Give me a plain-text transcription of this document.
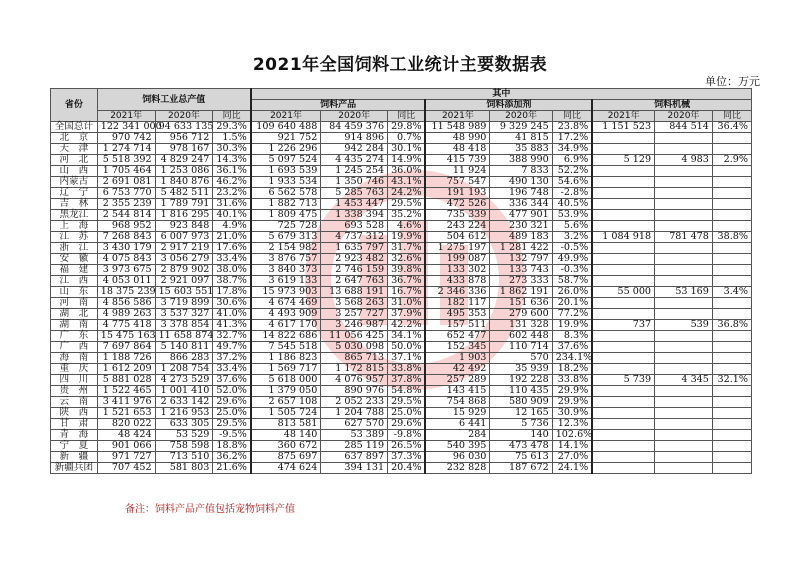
2021年全国饲料工业统计主要数据表
单位：万元
省份	饲料工业总产值			其中								
				饲料产品			饲料添加剂			饲料机械		
	2021年	2020年	同比	2021年	2020年	同比	2021年	2020年	同比	2021年	2020年	同比
全国总计	122 341 000	94 633 135	29.3%	109 640 488	84 459 376	29.8%	11 548 989	9 329 245	23.8%	1 151 523	844 514	36.4%
北　京	970 742	956 712	1.5%	921 752	914 896	0.7%	48 990	41 815	17.2%			
天　津	1 274 714	978 167	30.3%	1 226 296	942 284	30.1%	48 418	35 883	34.9%			
河　北	5 518 392	4 829 247	14.3%	5 097 524	4 435 274	14.9%	415 739	388 990	6.9%	5 129	4 983	2.9%
山　西	1 705 464	1 253 086	36.1%	1 693 539	1 245 254	36.0%	11 924	7 833	52.2%			
内蒙古	2 691 081	1 840 876	46.2%	1 933 534	1 350 746	43.1%	757 547	490 130	54.6%			
辽　宁	6 753 770	5 482 511	23.2%	6 562 578	5 285 763	24.2%	191 193	196 748	-2.8%			
吉　林	2 355 239	1 789 791	31.6%	1 882 713	1 453 447	29.5%	472 526	336 344	40.5%			
黑龙江	2 544 814	1 816 295	40.1%	1 809 475	1 338 394	35.2%	735 339	477 901	53.9%			
上　海	968 952	923 848	4.9%	725 728	693 528	4.6%	243 224	230 321	5.6%			
江　苏	7 268 843	6 007 973	21.0%	5 679 313	4 737 312	19.9%	504 612	489 183	3.2%	1 084 918	781 478	38.8%
浙　江	3 430 179	2 917 219	17.6%	2 154 982	1 635 797	31.7%	1 275 197	1 281 422	-0.5%			
安　徽	4 075 843	3 056 279	33.4%	3 876 757	2 923 482	32.6%	199 087	132 797	49.9%			
福　建	3 973 675	2 879 902	38.0%	3 840 373	2 746 159	39.8%	133 302	133 743	-0.3%			
江　西	4 053 011	2 921 097	38.7%	3 619 133	2 647 763	36.7%	433 878	273 333	58.7%			
山　东	18 375 239	15 603 551	17.8%	15 973 903	13 688 191	16.7%	2 346 336	1 862 191	26.0%	55 000	53 169	3.4%
河　南	4 856 586	3 719 899	30.6%	4 674 469	3 568 263	31.0%	182 117	151 636	20.1%			
湖　北	4 989 263	3 537 327	41.0%	4 493 909	3 257 727	37.9%	495 353	279 600	77.2%			
湖　南	4 775 418	3 378 854	41.3%	4 617 170	3 246 987	42.2%	157 511	131 328	19.9%	737	539	36.8%
广　东	15 475 163	11 658 874	32.7%	14 822 686	11 056 425	34.1%	652 477	602 448	8.3%			
广　西	7 697 864	5 140 811	49.7%	7 545 518	5 030 098	50.0%	152 345	110 714	37.6%			
海　南	1 188 726	866 283	37.2%	1 186 823	865 713	37.1%	1 903	570	234.1%			
重　庆	1 612 209	1 208 754	33.4%	1 569 717	1 172 815	33.8%	42 492	35 939	18.2%			
四　川	5 881 028	4 273 529	37.6%	5 618 000	4 076 957	37.8%	257 289	192 228	33.8%	5 739	4 345	32.1%
贵　州	1 522 465	1 001 410	52.0%	1 379 050	890 976	54.8%	143 415	110 435	29.9%			
云　南	3 411 976	2 633 142	29.6%	2 657 108	2 052 233	29.5%	754 868	580 909	29.9%			
陕　西	1 521 653	1 216 953	25.0%	1 505 724	1 204 788	25.0%	15 929	12 165	30.9%			
甘　肃	820 022	633 305	29.5%	813 581	627 570	29.6%	6 441	5 736	12.3%			
青　海	48 424	53 529	-9.5%	48 140	53 389	-9.8%	284	140	102.6%			
宁　夏	901 066	758 598	18.8%	360 672	285 119	26.5%	540 395	473 478	14.1%			
新　疆	971 727	713 510	36.2%	875 697	637 897	37.3%	96 030	75 613	27.0%			
新疆兵团	707 452	581 803	21.6%	474 624	394 131	20.4%	232 828	187 672	24.1%			
备注：饲料产品产值包括宠物饲料产值
